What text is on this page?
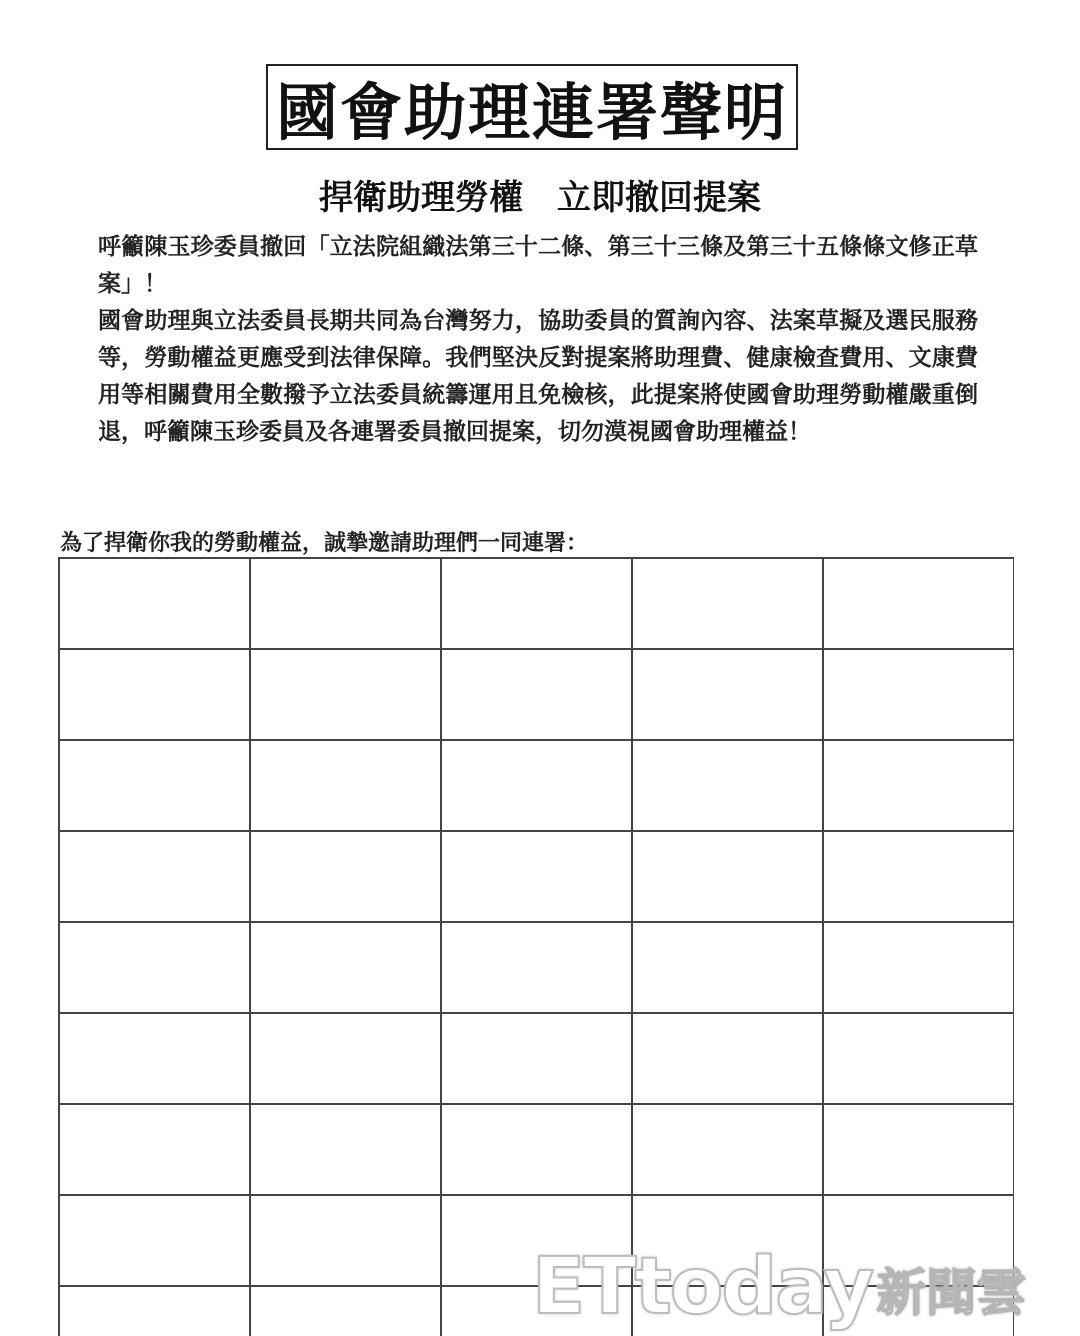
國會助理連署聲明
捍衛助理勞權　立即撤回提案

呼籲陳玉珍委員撤回「立法院組織法第三十二條、第三十三條及第三十五條條文修正草案」！

國會助理與立法委員長期共同為台灣努力，協助委員的質詢內容、法案草擬及選民服務等，勞動權益更應受到法律保障。我們堅決反對提案將助理費、健康檢查費用、文康費用等相關費用全數撥予立法委員統籌運用且免檢核，此提案將使國會助理勞動權嚴重倒退，呼籲陳玉珍委員及各連署委員撤回提案，切勿漠視國會助理權益！

為了捍衛你我的勞動權益，誠摯邀請助理們一同連署：

ETtoday 新聞雲
